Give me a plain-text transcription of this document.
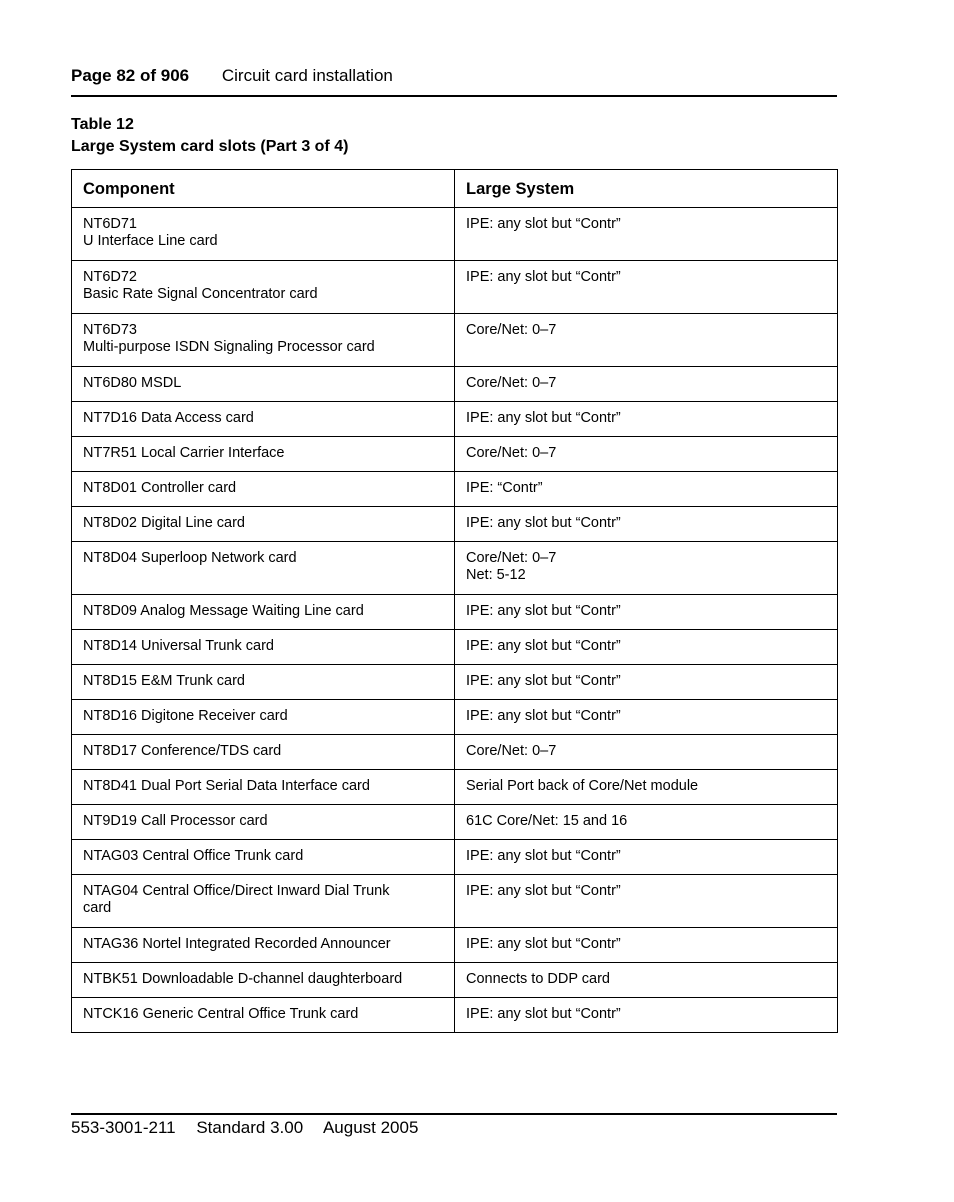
Page 82 of 906 Circuit card installation
Table 12
Large System card slots (Part 3 of 4)
Component	Large System

NT6D71
U Interface Line card	IPE: any slot but “Contr”

NT6D72
Basic Rate Signal Concentrator card	IPE: any slot but “Contr”

NT6D73
Multi-purpose ISDN Signaling Processor card	Core/Net: 0–7

NT6D80 MSDL	Core/Net: 0–7

NT7D16 Data Access card	IPE: any slot but “Contr”

NT7R51 Local Carrier Interface	Core/Net: 0–7

NT8D01 Controller card	IPE: “Contr”

NT8D02 Digital Line card	IPE: any slot but “Contr”

NT8D04 Superloop Network card	Core/Net: 0–7
Net: 5-12

NT8D09 Analog Message Waiting Line card	IPE: any slot but “Contr”

NT8D14 Universal Trunk card	IPE: any slot but “Contr”

NT8D15 E&M Trunk card	IPE: any slot but “Contr”

NT8D16 Digitone Receiver card	IPE: any slot but “Contr”

NT8D17 Conference/TDS card	Core/Net: 0–7

NT8D41 Dual Port Serial Data Interface card	Serial Port back of Core/Net module

NT9D19 Call Processor card	61C Core/Net: 15 and 16

NTAG03 Central Office Trunk card	IPE: any slot but “Contr”

NTAG04 Central Office/Direct Inward Dial Trunk
card	IPE: any slot but “Contr”

NTAG36 Nortel Integrated Recorded Announcer	IPE: any slot but “Contr”

NTBK51 Downloadable D-channel daughterboard	Connects to DDP card

NTCK16 Generic Central Office Trunk card	IPE: any slot but “Contr”
553-3001-211 Standard 3.00 August 2005
